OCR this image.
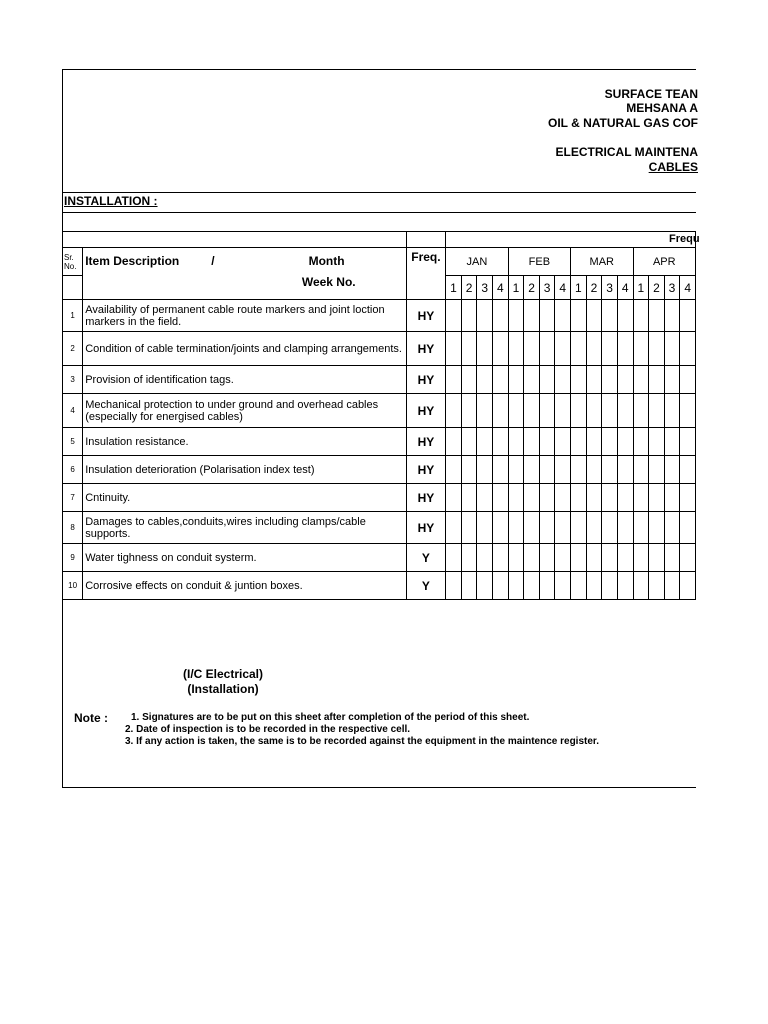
SURFACE TEAN
MEHSANA A
OIL & NATURAL GAS COF
ELECTRICAL MAINTENA
CABLES
INSTALLATION :
Frequ

Sr.
No.	Item Description / Month	Freq.	JAN				FEB				MAR				APR			
	Week No.		1	2	3	4	1	2	3	4	1	2	3	4	1	2	3	4
1	Availability of permanent cable route markers and joint loction markers in the field.	HY																
2	Condition of cable termination/joints and clamping arrangements.	HY																
3	Provision of identification tags.	HY																
4	Mechanical protection to under ground and overhead cables (especially for energised cables)	HY																
5	Insulation resistance.	HY																
6	Insulation deterioration (Polarisation index test)	HY																
7	Cntinuity.	HY																
8	Damages to cables,conduits,wires including clamps/cable supports.	HY																
9	Water tighness on conduit systerm.	Y																
10	Corrosive effects on conduit & juntion boxes.	Y																
(I/C Electrical)
(Installation)
Note : 1. Signatures are to be put on this sheet after completion of the period of this sheet.
2. Date of inspection is to be recorded in the respective cell.
3. If any action is taken, the same is to be recorded against the equipment in the maintence register.
